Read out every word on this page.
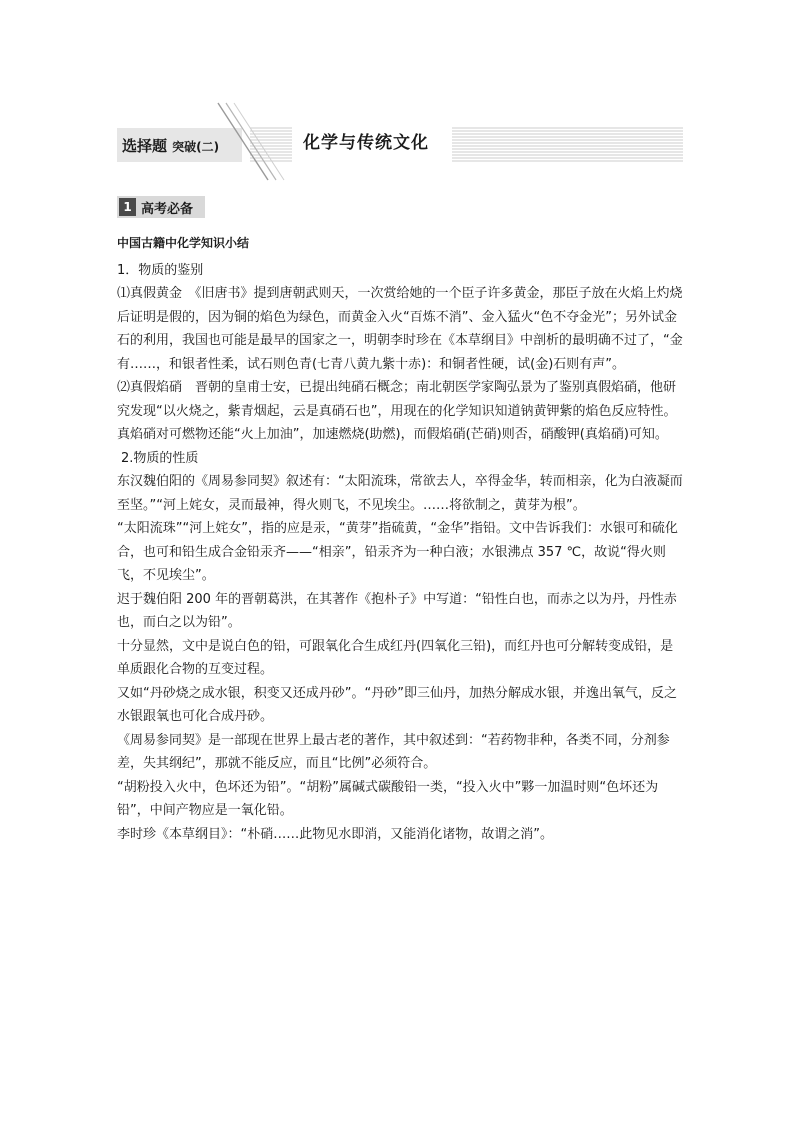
选择题 突破(二)	化学与传统文化
1 高考必备

中国古籍中化学知识小结

1．物质的鉴别

⑴真假黄金　《旧唐书》提到唐朝武则天，一次赏给她的一个臣子许多黄金，那臣子放在火焰上灼烧后证明是假的，因为铜的焰色为绿色，而黄金入火“百炼不消”、金入猛火“色不夺金光”；另外试金石的利用，我国也可能是最早的国家之一，明朝李时珍在《本草纲目》中剖析的最明确不过了，“金有……，和银者性柔，试石则色青(七青八黄九紫十赤)：和铜者性硬，试(金)石则有声”。

⑵真假焰硝　晋朝的皇甫士安，已提出纯硝石概念；南北朝医学家陶弘景为了鉴别真假焰硝，他研究发现“以火烧之，紫青烟起，云是真硝石也”，用现在的化学知识知道钠黄钾紫的焰色反应特性。真焰硝对可燃物还能“火上加油”，加速燃烧(助燃)，而假焰硝(芒硝)则否，硝酸钾(真焰硝)可知。

2.物质的性质

东汉魏伯阳的《周易参同契》叙述有：“太阳流珠，常欲去人，卒得金华，转而相亲，化为白液凝而至坚。”“河上姹女，灵而最神，得火则飞，不见埃尘。……将欲制之，黄芽为根”。

“太阳流珠”“河上姹女”，指的应是汞，“黄芽”指硫黄，“金华”指铅。文中告诉我们：水银可和硫化合，也可和铅生成合金铅汞齐——“相亲”，铅汞齐为一种白液；水银沸点 357 ℃，故说“得火则飞，不见埃尘”。

迟于魏伯阳 200 年的晋朝葛洪，在其著作《抱朴子》中写道：“铅性白也，而赤之以为丹，丹性赤也，而白之以为铅”。

十分显然，文中是说白色的铅，可跟氧化合生成红丹(四氧化三铅)，而红丹也可分解转变成铅，是单质跟化合物的互变过程。

又如“丹砂烧之成水银，积变又还成丹砂”。“丹砂”即三仙丹，加热分解成水银，并逸出氧气，反之水银跟氧也可化合成丹砂。

《周易参同契》是一部现在世界上最古老的著作，其中叙述到：“若药物非种，各类不同，分剂参差，失其纲纪”，那就不能反应，而且“比例”必须符合。

“胡粉投入火中，色坏还为铅”。“胡粉”属碱式碳酸铅一类，“投入火中”夥一加温时则“色坏还为铅”，中间产物应是一氧化铅。

李时珍《本草纲目》：“朴硝……此物见水即消，又能消化诸物，故谓之消”。
